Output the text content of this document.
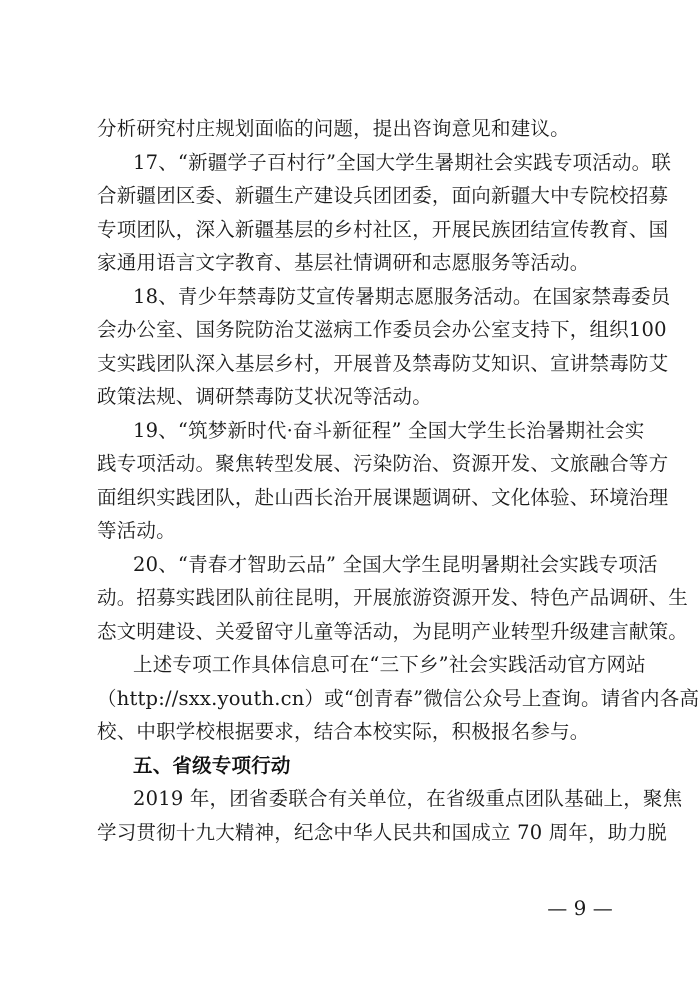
分析研究村庄规划面临的问题，提出咨询意见和建议。
17、“新疆学子百村行”全国大学生暑期社会实践专项活动。联
合新疆团区委、新疆生产建设兵团团委，面向新疆大中专院校招募
专项团队，深入新疆基层的乡村社区，开展民族团结宣传教育、国
家通用语言文字教育、基层社情调研和志愿服务等活动。
18、青少年禁毒防艾宣传暑期志愿服务活动。在国家禁毒委员
会办公室、国务院防治艾滋病工作委员会办公室支持下，组织100
支实践团队深入基层乡村，开展普及禁毒防艾知识、宣讲禁毒防艾
政策法规、调研禁毒防艾状况等活动。
19、“筑梦新时代·奋斗新征程” 全国大学生长治暑期社会实
践专项活动。聚焦转型发展、污染防治、资源开发、文旅融合等方
面组织实践团队，赴山西长治开展课题调研、文化体验、环境治理
等活动。
20、“青春才智助云品” 全国大学生昆明暑期社会实践专项活
动。招募实践团队前往昆明，开展旅游资源开发、特色产品调研、生
态文明建设、关爱留守儿童等活动，为昆明产业转型升级建言献策。
上述专项工作具体信息可在“三下乡”社会实践活动官方网站
（http://sxx.youth.cn）或“创青春”微信公众号上查询。请省内各高
校、中职学校根据要求，结合本校实际，积极报名参与。
五、省级专项行动
2019 年，团省委联合有关单位，在省级重点团队基础上，聚焦
学习贯彻十九大精神，纪念中华人民共和国成立 70 周年，助力脱
— 9 —
